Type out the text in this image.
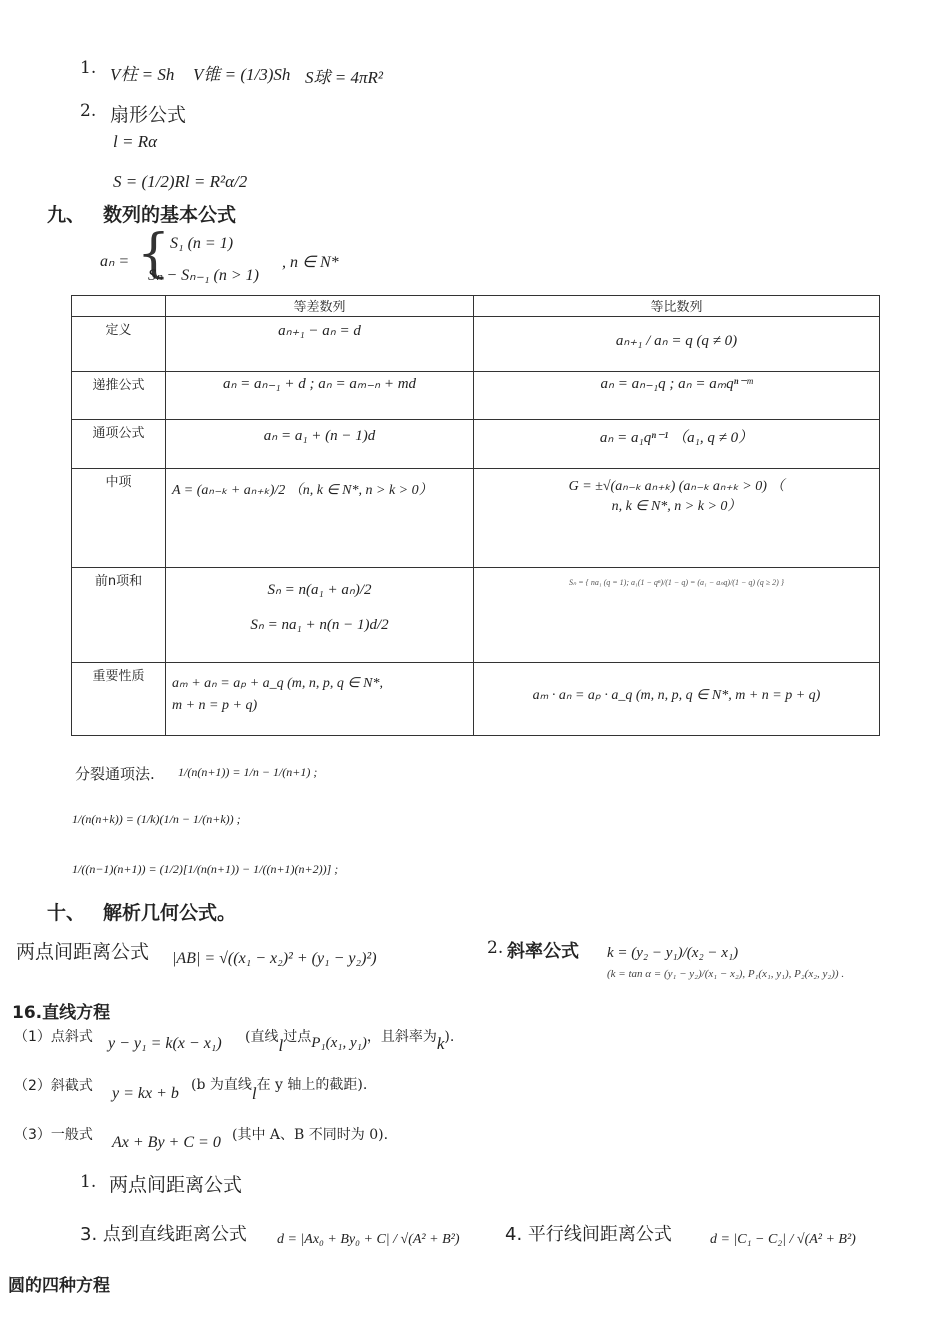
1. V柱 = Sh V锥 = (1/3)Sh S球 = 4πR²
2. 扇形公式
l = Rα
S = (1/2)Rl = R²α/2
九、 数列的基本公式
aₙ = { S₁ (n = 1)
Sₙ − Sₙ₋₁ (n > 1)
, n ∈ N*
	等差数列	等比数列
定义	aₙ₊₁ − aₙ = d	aₙ₊₁ / aₙ = q (q ≠ 0)
递推公式	aₙ = aₙ₋₁ + d ; aₙ = aₘ₋ₙ + md	aₙ = aₙ₋₁q ; aₙ = aₘqⁿ⁻ᵐ
通项公式	aₙ = a₁ + (n − 1)d	aₙ = a₁qⁿ⁻¹ （a₁, q ≠ 0）
中项	A = (aₙ₋ₖ + aₙ₊ₖ)/2 （n, k ∈ N*, n > k > 0）	G = ±√(aₙ₋ₖ aₙ₊ₖ) (aₙ₋ₖ aₙ₊ₖ > 0) （
n, k ∈ N*, n > k > 0）

前n项和	Sₙ = n(a₁ + aₙ)/2
Sₙ = na₁ + n(n − 1)d/2	Sₙ = { na₁ (q = 1); a₁(1 − qⁿ)/(1 − q) = (a₁ − aₙq)/(1 − q) (q ≥ 2) }
重要性质	aₘ + aₙ = aₚ + a_q (m, n, p, q ∈ N*,
m + n = p + q)	aₘ · aₙ = aₚ · a_q (m, n, p, q ∈ N*, m + n = p + q)
分裂通项法. 1/(n(n+1)) = 1/n − 1/(n+1) ;
1/(n(n+k)) = (1/k)(1/n − 1/(n+k)) ;
1/((n−1)(n+1)) = (1/2)[1/(n(n+1)) − 1/((n+1)(n+2))] ;
十、 解析几何公式。
两点间距离公式 |AB| = √((x₁ − x₂)² + (y₁ − y₂)²)
2. 斜率公式 k = (y₂ − y₁)/(x₂ − x₁)
(k = tan α = (y₁ − y₂)/(x₁ − x₂), P₁(x₁, y₁), P₂(x₂, y₂)) .
16.直线方程
（1）点斜式 y − y₁ = k(x − x₁) (直线l过点P₁(x₁, y₁)，且斜率为k).
（2）斜截式 y = kx + b (b 为直线l在 y 轴上的截距).
（3）一般式 Ax + By + C = 0 (其中 A、B 不同时为 0).
1. 两点间距离公式
3. 点到直线距离公式 d = |Ax₀ + By₀ + C| / √(A² + B²)	4. 平行线间距离公式	d = |C₁ − C₂| / √(A² + B²)
圆的四种方程
